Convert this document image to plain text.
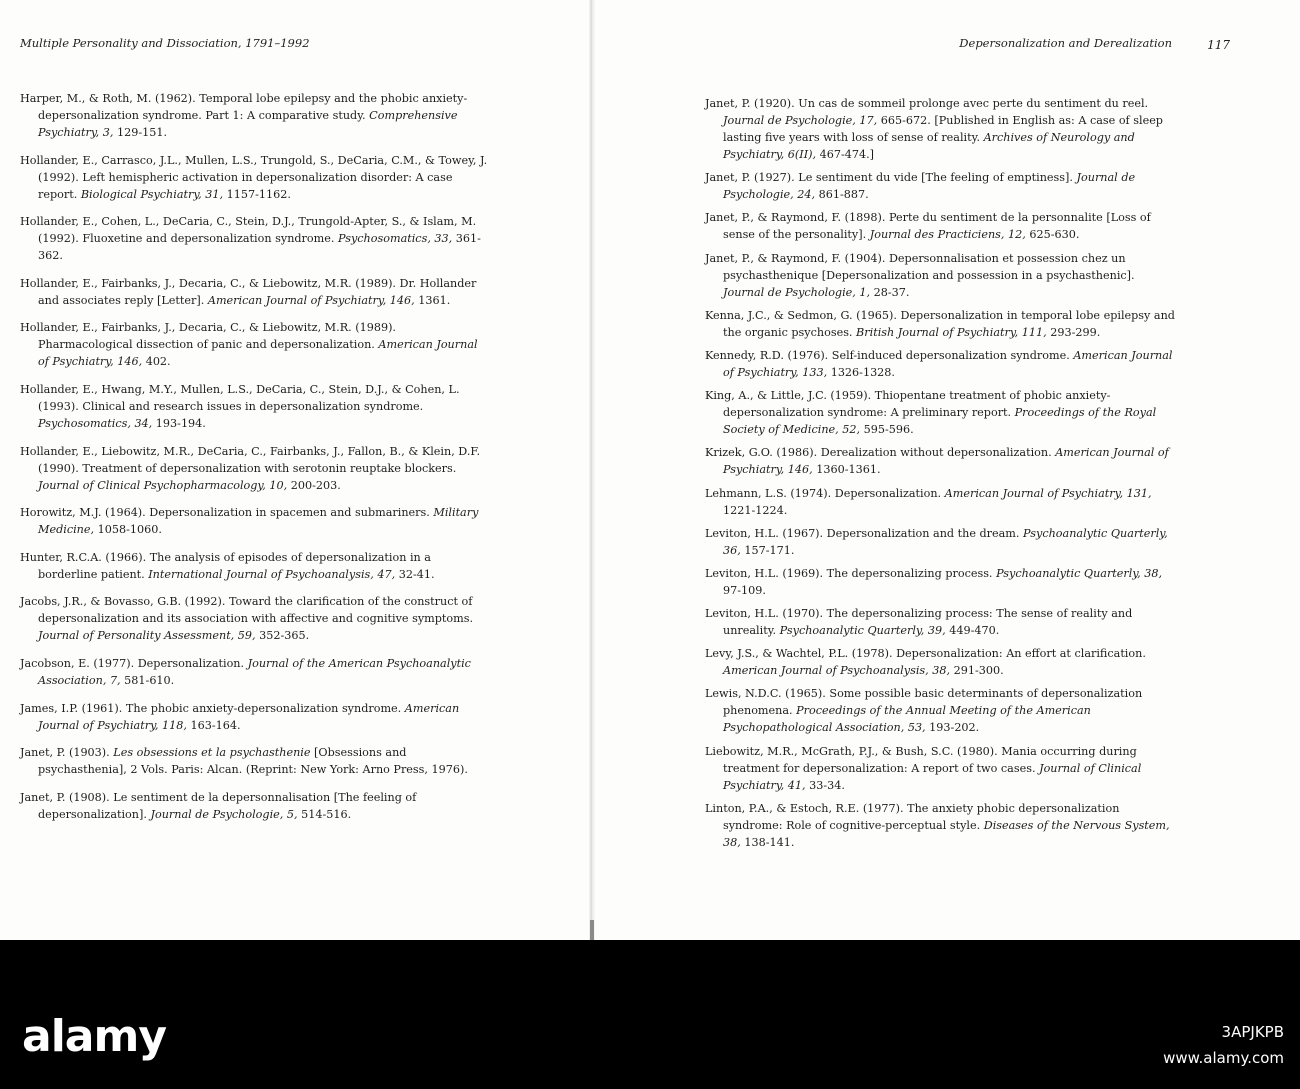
Multiple Personality and Dissociation, 1791–1992
Harper, M., & Roth, M. (1962). Temporal lobe epilepsy and the phobic anxiety-depersonalization syndrome. Part 1: A comparative study. Comprehensive Psychiatry, 3, 129-151.
Hollander, E., Carrasco, J.L., Mullen, L.S., Trungold, S., DeCaria, C.M., & Towey, J. (1992). Left hemispheric activation in depersonalization disorder: A case report. Biological Psychiatry, 31, 1157-1162.
Hollander, E., Cohen, L., DeCaria, C., Stein, D.J., Trungold-Apter, S., & Islam, M. (1992). Fluoxetine and depersonalization syndrome. Psychosomatics, 33, 361-362.
Hollander, E., Fairbanks, J., Decaria, C., & Liebowitz, M.R. (1989). Dr. Hollander and associates reply [Letter]. American Journal of Psychiatry, 146, 1361.
Hollander, E., Fairbanks, J., Decaria, C., & Liebowitz, M.R. (1989). Pharmacological dissection of panic and depersonalization. American Journal of Psychiatry, 146, 402.
Hollander, E., Hwang, M.Y., Mullen, L.S., DeCaria, C., Stein, D.J., & Cohen, L. (1993). Clinical and research issues in depersonalization syndrome. Psychosomatics, 34, 193-194.
Hollander, E., Liebowitz, M.R., DeCaria, C., Fairbanks, J., Fallon, B., & Klein, D.F. (1990). Treatment of depersonalization with serotonin reuptake blockers. Journal of Clinical Psychopharmacology, 10, 200-203.
Horowitz, M.J. (1964). Depersonalization in spacemen and submariners. Military Medicine, 1058-1060.
Hunter, R.C.A. (1966). The analysis of episodes of depersonalization in a borderline patient. International Journal of Psychoanalysis, 47, 32-41.
Jacobs, J.R., & Bovasso, G.B. (1992). Toward the clarification of the construct of depersonalization and its association with affective and cognitive symptoms. Journal of Personality Assessment, 59, 352-365.
Jacobson, E. (1977). Depersonalization. Journal of the American Psychoanalytic Association, 7, 581-610.
James, I.P. (1961). The phobic anxiety-depersonalization syndrome. American Journal of Psychiatry, 118, 163-164.
Janet, P. (1903). Les obsessions et la psychasthenie [Obsessions and psychasthenia], 2 Vols. Paris: Alcan. (Reprint: New York: Arno Press, 1976).
Janet, P. (1908). Le sentiment de la depersonnalisation [The feeling of depersonalization]. Journal de Psychologie, 5, 514-516.
Depersonalization and Derealization	117
Janet, P. (1920). Un cas de sommeil prolonge avec perte du sentiment du reel. Journal de Psychologie, 17, 665-672. [Published in English as: A case of sleep lasting five years with loss of sense of reality. Archives of Neurology and Psychiatry, 6(II), 467-474.]
Janet, P. (1927). Le sentiment du vide [The feeling of emptiness]. Journal de Psychologie, 24, 861-887.
Janet, P., & Raymond, F. (1898). Perte du sentiment de la personnalite [Loss of sense of the personality]. Journal des Practiciens, 12, 625-630.
Janet, P., & Raymond, F. (1904). Depersonnalisation et possession chez un psychasthenique [Depersonalization and possession in a psychasthenic]. Journal de Psychologie, 1, 28-37.
Kenna, J.C., & Sedmon, G. (1965). Depersonalization in temporal lobe epilepsy and the organic psychoses. British Journal of Psychiatry, 111, 293-299.
Kennedy, R.D. (1976). Self-induced depersonalization syndrome. American Journal of Psychiatry, 133, 1326-1328.
King, A., & Little, J.C. (1959). Thiopentane treatment of phobic anxiety-depersonalization syndrome: A preliminary report. Proceedings of the Royal Society of Medicine, 52, 595-596.
Krizek, G.O. (1986). Derealization without depersonalization. American Journal of Psychiatry, 146, 1360-1361.
Lehmann, L.S. (1974). Depersonalization. American Journal of Psychiatry, 131, 1221-1224.
Leviton, H.L. (1967). Depersonalization and the dream. Psychoanalytic Quarterly, 36, 157-171.
Leviton, H.L. (1969). The depersonalizing process. Psychoanalytic Quarterly, 38, 97-109.
Leviton, H.L. (1970). The depersonalizing process: The sense of reality and unreality. Psychoanalytic Quarterly, 39, 449-470.
Levy, J.S., & Wachtel, P.L. (1978). Depersonalization: An effort at clarification. American Journal of Psychoanalysis, 38, 291-300.
Lewis, N.D.C. (1965). Some possible basic determinants of depersonalization phenomena. Proceedings of the Annual Meeting of the American Psychopathological Association, 53, 193-202.
Liebowitz, M.R., McGrath, P.J., & Bush, S.C. (1980). Mania occurring during treatment for depersonalization: A report of two cases. Journal of Clinical Psychiatry, 41, 33-34.
Linton, P.A., & Estoch, R.E. (1977). The anxiety phobic depersonalization syndrome: Role of cognitive-perceptual style. Diseases of the Nervous System, 38, 138-141.
alamy	3APJKPB
www.alamy.com
